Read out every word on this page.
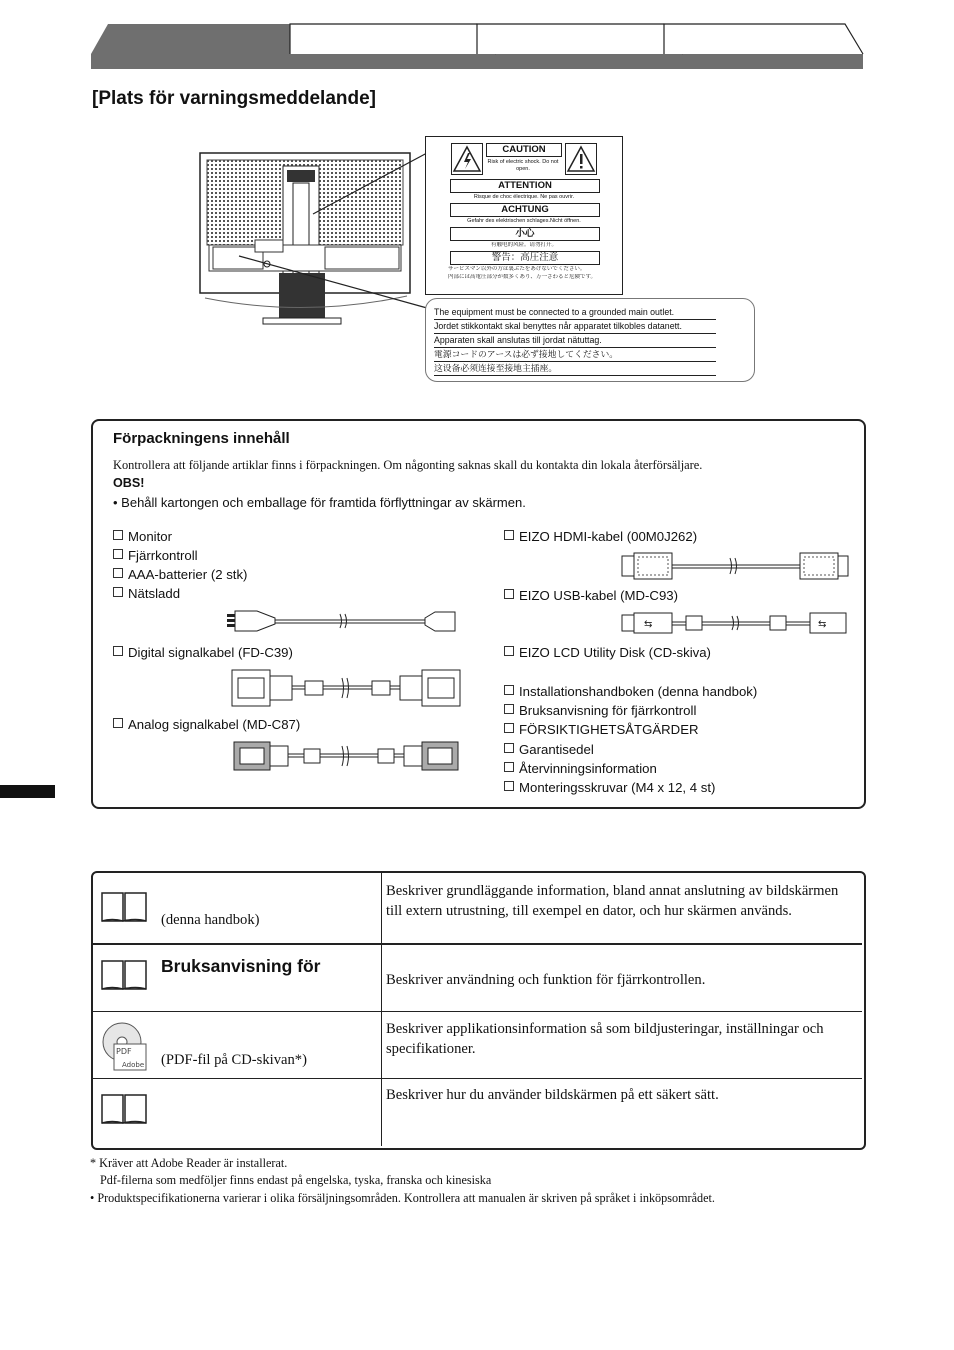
[Plats för varningsmeddelande]
CAUTION
Risk of electric shock. Do not open.
ATTENTION
Risque de choc électrique. Ne pas ouvrir.
ACHTUNG
Gefahr des elektrischen schlages.Nicht öffnen.
小心
有触电的风险。请勿打开。
警告：高圧注意
サービスマン以外の方は裏ぶたをあけないでください。
内部には高電圧部分が数多くあり、万一さわると危険です。
The equipment must be connected to a grounded main outlet.
Jordet stikkontakt skal benyttes når apparatet tilkobles datanett.
Apparaten skall anslutas till jordat nätuttag.
電源コードのアースは必ず接地してください。
这设备必须连接至接地主插座。
Förpackningens innehåll
Kontrollera att följande artiklar finns i förpackningen. Om någonting saknas skall du kontakta din lokala återförsäljare.
OBS!
• Behåll kartongen och emballage för framtida förflyttningar av skärmen.
Monitor
Fjärrkontroll
AAA-batterier (2 stk)
Nätsladd
Digital signalkabel (FD-C39)
Analog signalkabel (MD-C87)
EIZO HDMI-kabel (00M0J262)
EIZO USB-kabel (MD-C93)
EIZO LCD Utility Disk (CD-skiva)
Installationshandboken (denna handbok)
Bruksanvisning för fjärrkontroll
FÖRSIKTIGHETSÅTGÄRDER
Garantisedel
Återvinningsinformation
Monteringsskruvar (M4 x 12, 4 st)
⇆	⇆
(denna handbok)
Beskriver grundläggande information, bland annat anslutning av bildskärmen till extern utrustning, till exempel en dator, och hur skärmen används.
Bruksanvisning för
Beskriver användning och funktion för fjärrkontrollen.
PDF
Adobe (PDF-fil på CD-skivan*)
Beskriver applikationsinformation så som bildjusteringar, inställningar och specifikationer.
Beskriver hur du använder bildskärmen på ett säkert sätt.
* Kräver att Adobe Reader är installerat.
Pdf-filerna som medföljer finns endast på engelska, tyska, franska och kinesiska
• Produktspecifikationerna varierar i olika försäljningsområden. Kontrollera att manualen är skriven på språket i inköpsområdet.
